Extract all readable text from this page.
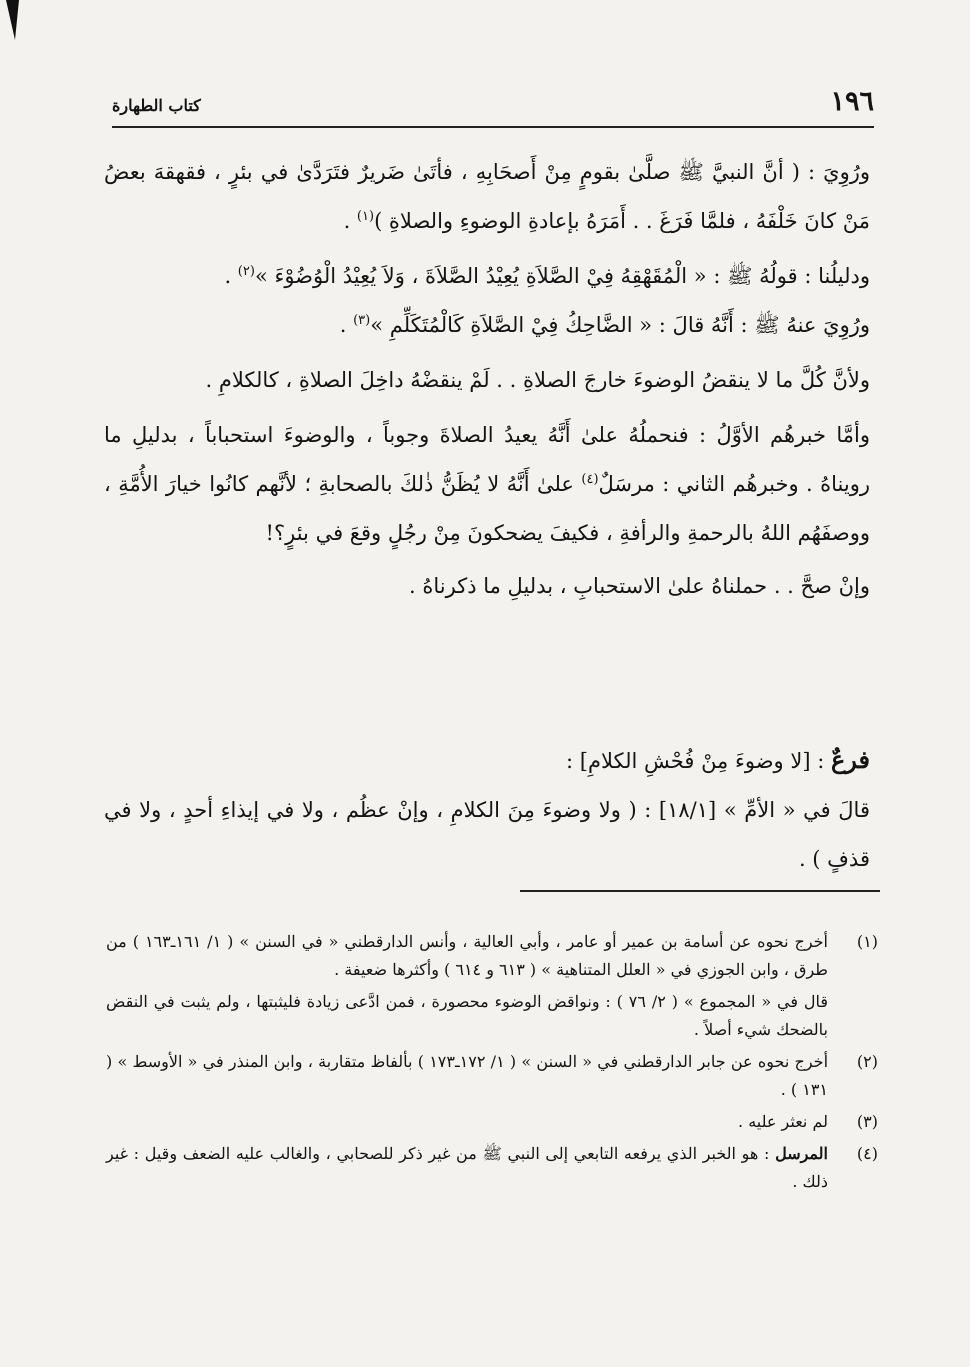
١٩٦
كتاب الطهارة

ورُوِيَ : ( أنَّ النبيَّ ﷺ صلَّىٰ بقومٍ مِنْ أَصحَابِهِ ، فأتَىٰ ضَريرٌ فتَرَدَّىٰ في بئرٍ ، فقهقهَ بعضُ مَنْ كانَ خَلْفَهُ ، فلمَّا فَرَغَ . . أَمَرَهُ بإعادةِ الوضوءِ والصلاةِ )$^{(١)}$ .

ودليلُنا : قولُهُ ﷺ : « الْمُقَهْقِهُ فِيْ الصَّلاَةِ يُعِيْدُ الصَّلاَةَ ، وَلاَ يُعِيْدُ الْوُضُوْءَ »$^{(٢)}$ .

ورُوِيَ عنهُ ﷺ : أَنَّهُ قالَ : « الضَّاحِكُ فِيْ الصَّلاَةِ كَالْمُتَكَلِّمِ »$^{(٣)}$ .

ولأنَّ كُلَّ ما لا ينقضُ الوضوءَ خارجَ الصلاةِ . . لَمْ ينقضْهُ داخِلَ الصلاةِ ، كالكلامِ .

وأمَّا خبرهُم الأوَّلُ : فنحملُهُ علىٰ أَنَّهُ يعيدُ الصلاةَ وجوباً ، والوضوءَ استحباباً ، بدليلِ ما رويناهُ . وخبرهُم الثاني : مرسَلٌ$^{(٤)}$ علىٰ أَنَّهُ لا يُظَنُّ ذٰلكَ بالصحابةِ ؛ لأنَّهم كانُوا خيارَ الأُمَّةِ ، ووصفَهُم اللهُ بالرحمةِ والرأفةِ ، فكيفَ يضحكونَ مِنْ رجُلٍ وقعَ في بئرٍ؟!

وإنْ صحَّ . . حملناهُ علىٰ الاستحبابِ ، بدليلِ ما ذكرناهُ .

فرعٌ : [لا وضوءَ مِنْ فُحْشِ الكلامِ] :

قالَ في « الأمِّ » [١٨/١] : ( ولا وضوءَ مِنَ الكلامِ ، وإنْ عظُم ، ولا في إيذاءِ أحدٍ ، ولا في قذفٍ ) .

(١)
أخرج نحوه عن أسامة بن عمير أو عامر ، وأبي العالية ، وأنس الدارقطني « في السنن » ( ١/ ١٦١ـ١٦٣ ) من طرق ، وابن الجوزي في « العلل المتناهية » ( ٦١٣ و ٦١٤ ) وأكثرها ضعيفة .
قال في « المجموع » ( ٢/ ٧٦ ) : ونواقض الوضوء محصورة ، فمن ادَّعى زيادة فليثبتها ، ولم يثبت في النقض بالضحك شيء أصلاً .
(٢)
أخرج نحوه عن جابر الدارقطني في « السنن » ( ١/ ١٧٢ـ١٧٣ ) بألفاظ متقاربة ، وابن المنذر في « الأوسط » ( ١٣١ ) .
(٣)
لم نعثر عليه .
(٤)
المرسل : هو الخبر الذي يرفعه التابعي إلى النبي ﷺ من غير ذكر للصحابي ، والغالب عليه الضعف وقيل : غير ذلك .
